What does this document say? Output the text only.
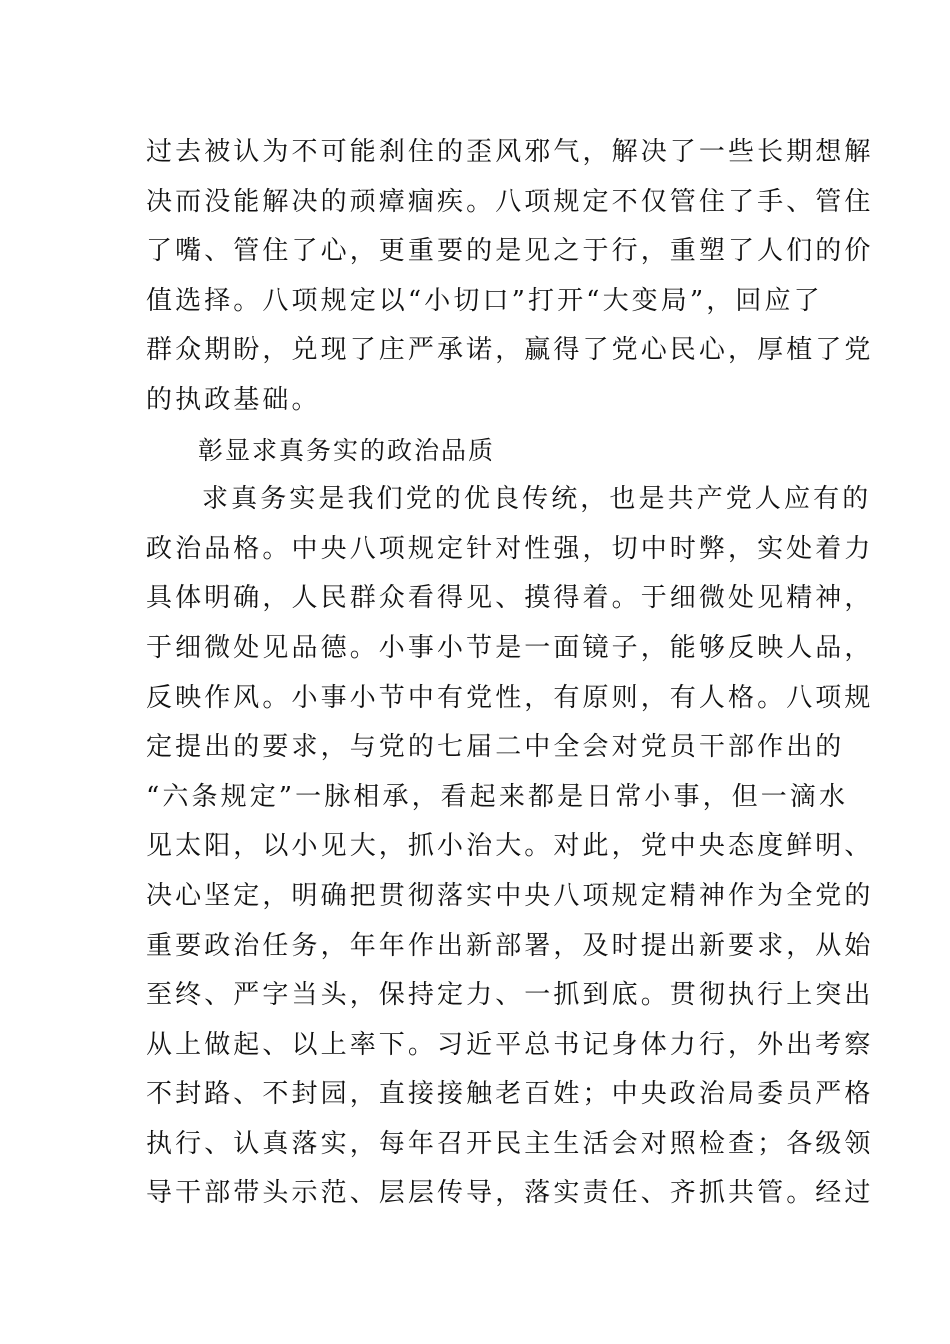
过去被认为不可能刹住的歪风邪气，解决了一些长期想解
决而没能解决的顽瘴痼疾。八项规定不仅管住了手、管住
了嘴、管住了心，更重要的是见之于行，重塑了人们的价
值选择。八项规定以“小切口”打开“大变局”，回应了
群众期盼，兑现了庄严承诺，赢得了党心民心，厚植了党
的执政基础。
彰显求真务实的政治品质
求真务实是我们党的优良传统，也是共产党人应有的
政治品格。中央八项规定针对性强，切中时弊，实处着力
具体明确，人民群众看得见、摸得着。于细微处见精神，
于细微处见品德。小事小节是一面镜子，能够反映人品，
反映作风。小事小节中有党性，有原则，有人格。八项规
定提出的要求，与党的七届二中全会对党员干部作出的
“六条规定”一脉相承，看起来都是日常小事，但一滴水
见太阳，以小见大，抓小治大。对此，党中央态度鲜明、
决心坚定，明确把贯彻落实中央八项规定精神作为全党的
重要政治任务，年年作出新部署，及时提出新要求，从始
至终、严字当头，保持定力、一抓到底。贯彻执行上突出
从上做起、以上率下。习近平总书记身体力行，外出考察
不封路、不封园，直接接触老百姓；中央政治局委员严格
执行、认真落实，每年召开民主生活会对照检查；各级领
导干部带头示范、层层传导，落实责任、齐抓共管。经过
